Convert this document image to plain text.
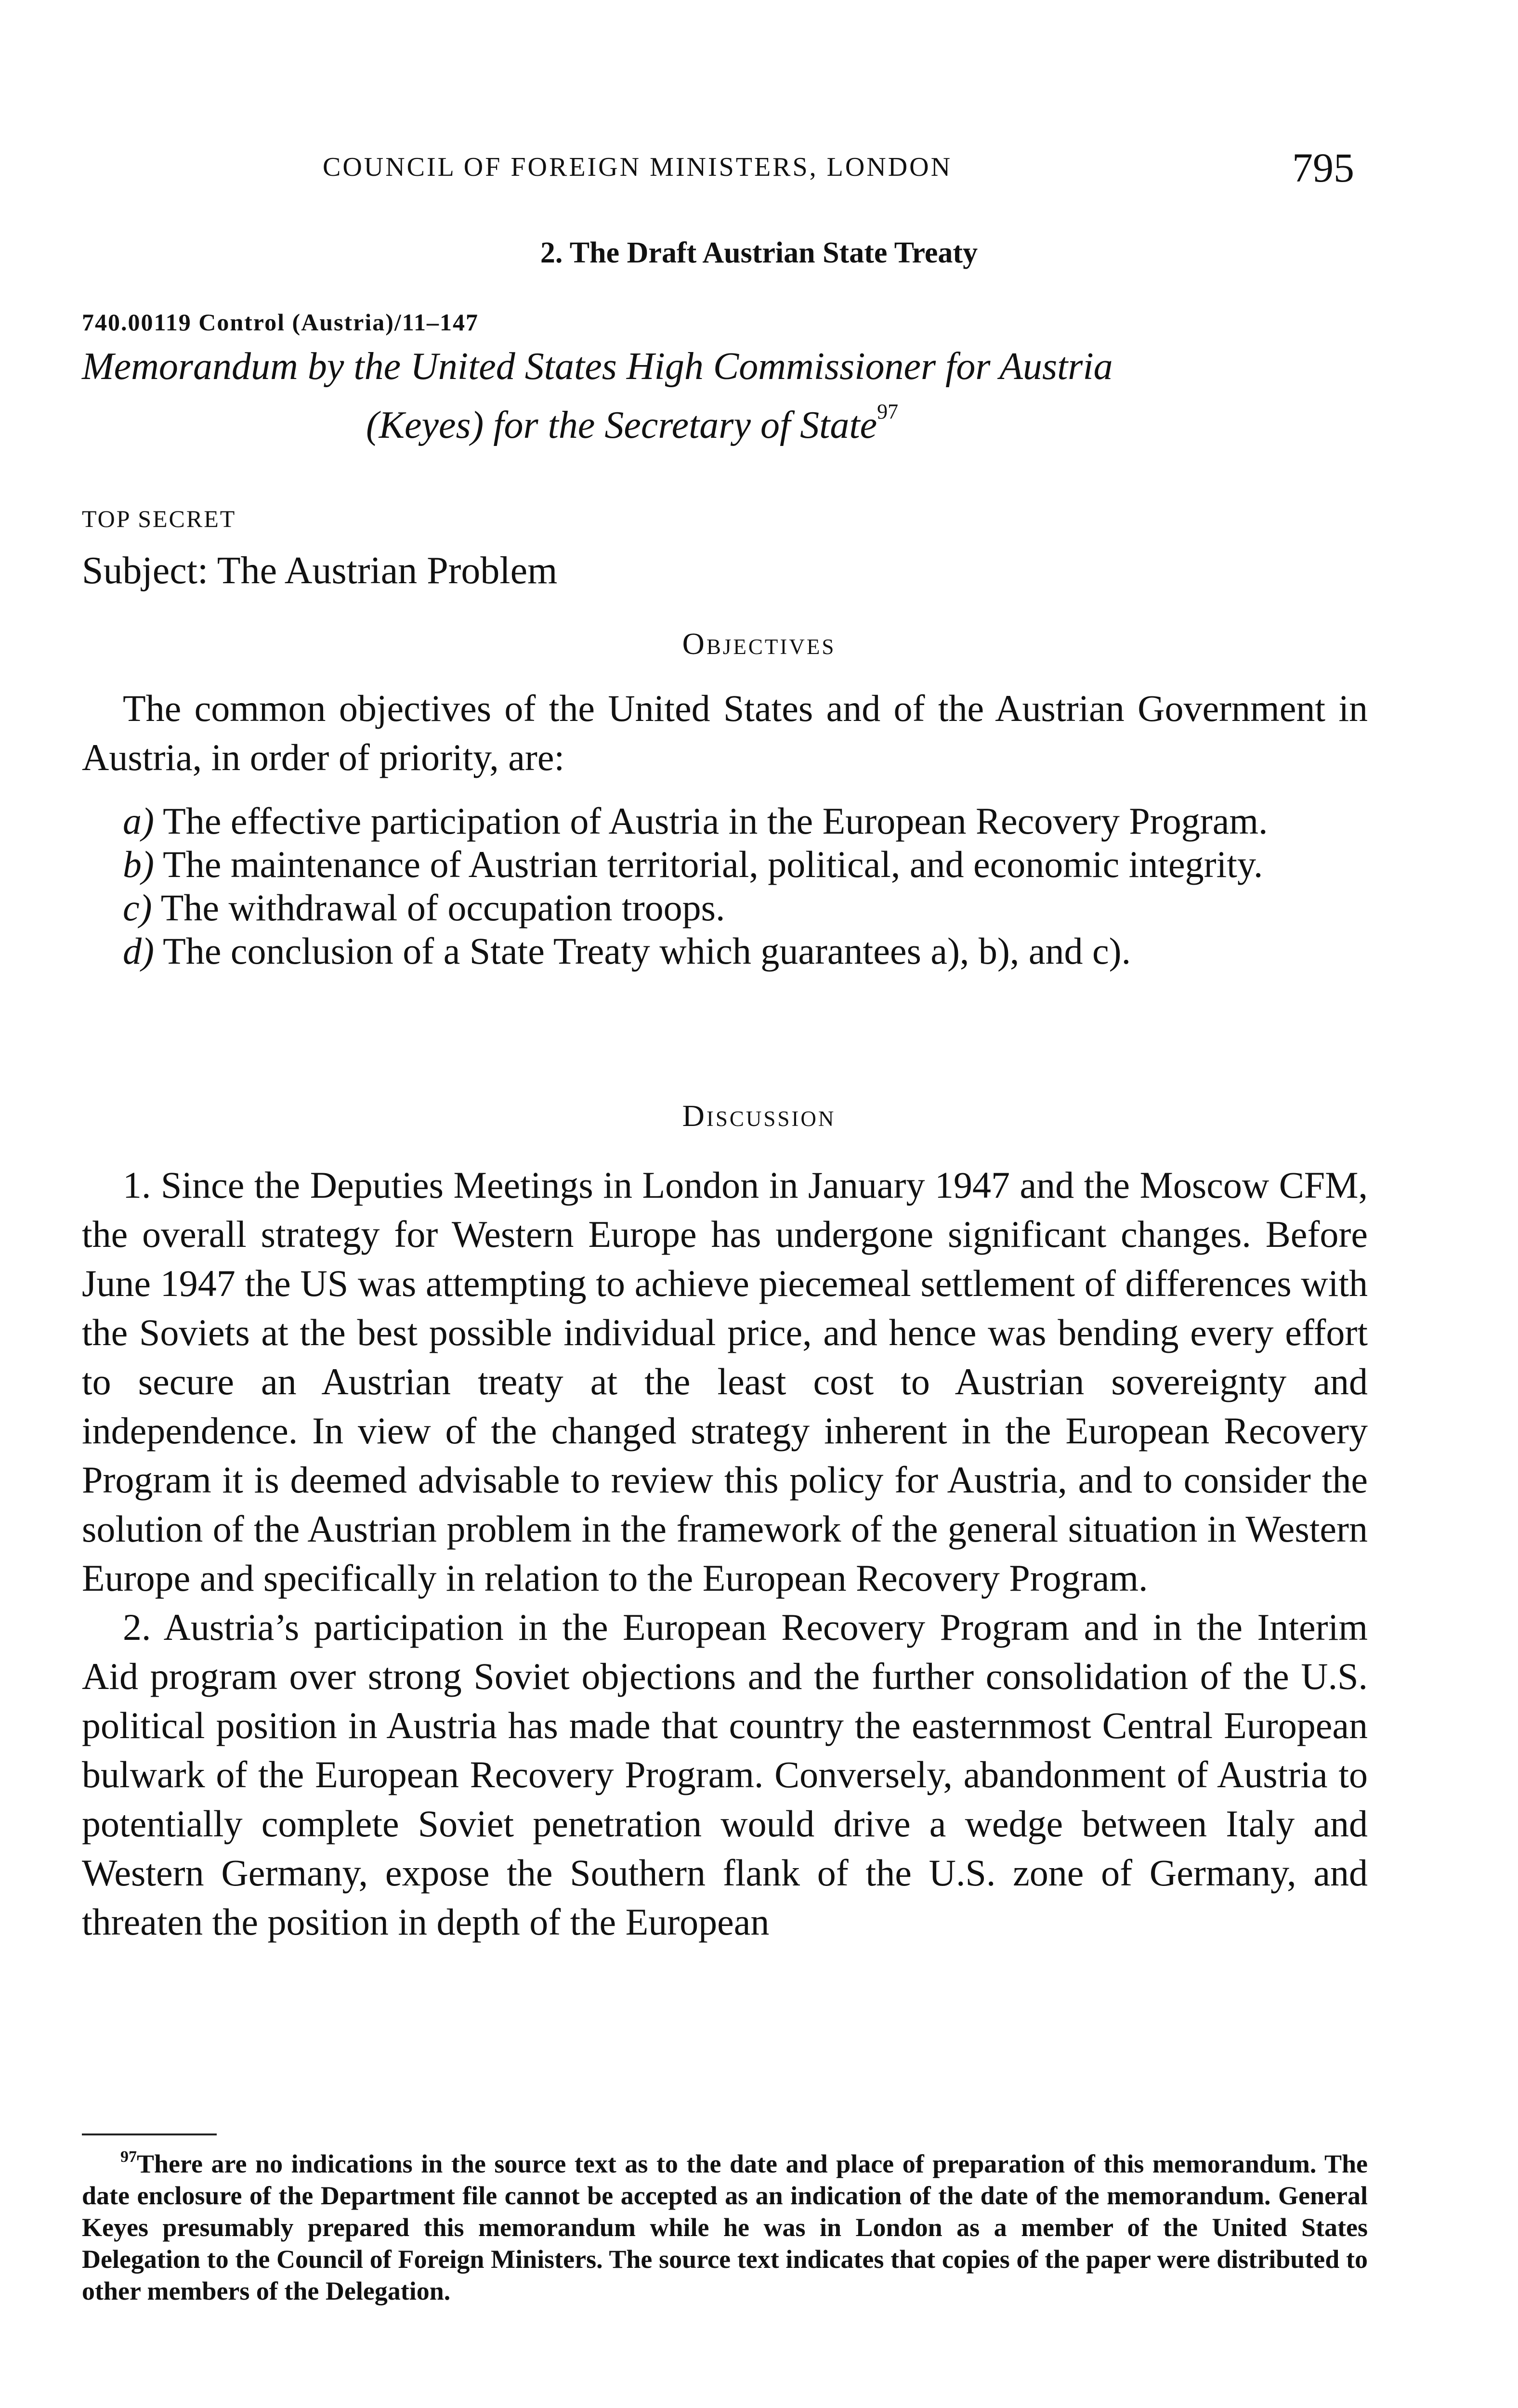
COUNCIL OF FOREIGN MINISTERS, LONDON	795
2. The Draft Austrian State Treaty
740.00119 Control (Austria)/11–147
Memorandum by the United States High Commissioner for Austria
(Keyes) for the Secretary of State$^{97}$
TOP SECRET
Subject: The Austrian Problem
Objectives

The common objectives of the United States and of the Austrian Government in Austria, in order of priority, are:

a) The effective participation of Austria in the European Recovery Program.

b) The maintenance of Austrian territorial, political, and economic integrity.

c) The withdrawal of occupation troops.

d) The conclusion of a State Treaty which guarantees a), b), and c).

Discussion

1. Since the Deputies Meetings in London in January 1947 and the Moscow CFM, the overall strategy for Western Europe has undergone significant changes. Before June 1947 the US was attempting to achieve piecemeal settlement of differences with the Soviets at the best possible individual price, and hence was bending every effort to secure an Austrian treaty at the least cost to Austrian sovereignty and independence. In view of the changed strategy inherent in the European Recovery Program it is deemed advisable to review this policy for Austria, and to consider the solution of the Austrian problem in the framework of the general situation in Western Europe and specifically in relation to the European Recovery Program.

2. Austria’s participation in the European Recovery Program and in the Interim Aid program over strong Soviet objections and the further consolidation of the U.S. political position in Austria has made that country the easternmost Central European bulwark of the European Recovery Program. Conversely, abandonment of Austria to potentially complete Soviet penetration would drive a wedge between Italy and Western Germany, expose the Southern flank of the U.S. zone of Germany, and threaten the position in depth of the European

$^{97}$There are no indications in the source text as to the date and place of preparation of this memorandum. The date enclosure of the Department file cannot be accepted as an indication of the date of the memorandum. General Keyes presumably prepared this memorandum while he was in London as a member of the United States Delegation to the Council of Foreign Ministers. The source text indicates that copies of the paper were distributed to other members of the Delegation.
